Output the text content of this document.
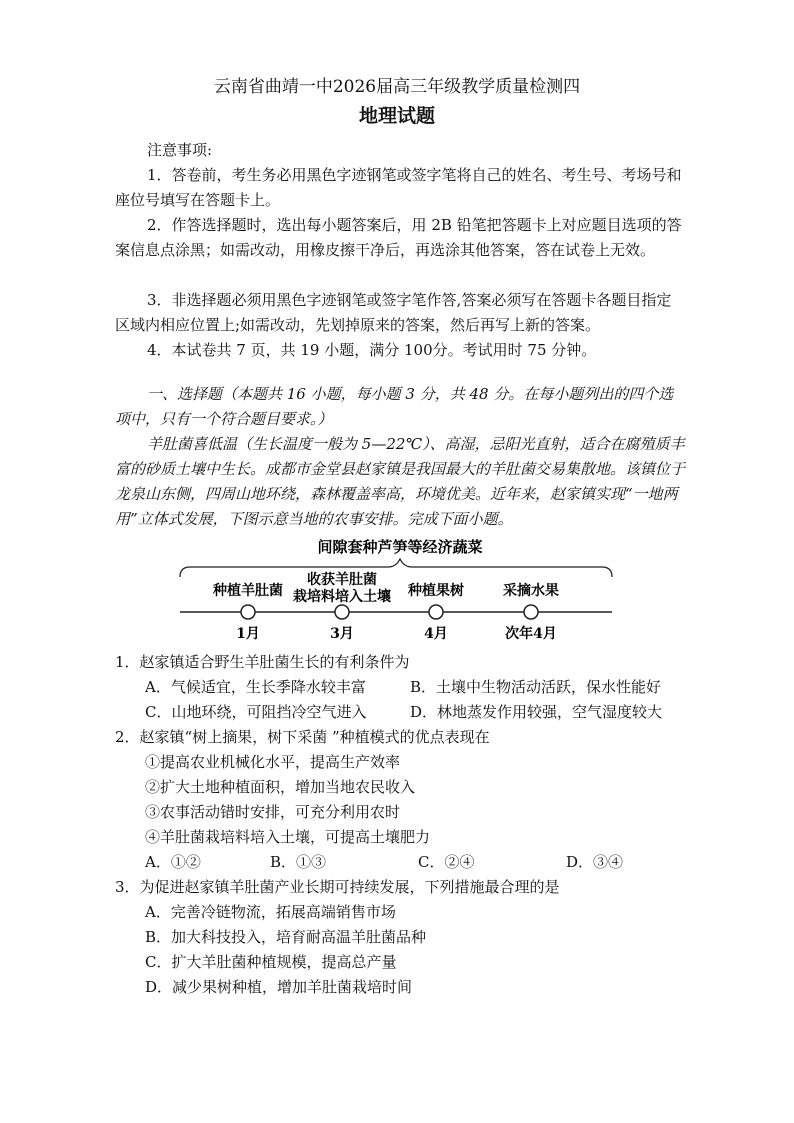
云南省曲靖一中2026届高三年级教学质量检测四
地理试题
注意事项:
1．答卷前，考生务必用黑色字迹钢笔或签字笔将自己的姓名、考生号、考场号和座位号填写在答题卡上。
2．作答选择题时，选出每小题答案后，用 2B 铅笔把答题卡上对应题目选项的答案信息点涂黑；如需改动，用橡皮擦干净后，再选涂其他答案，答在试卷上无效。
3．非选择题必须用黑色字迹钢笔或签字笔作答,答案必须写在答题卡各题目指定区域内相应位置上;如需改动，先划掉原来的答案，然后再写上新的答案。
4．本试卷共 7 页，共 19 小题，满分 100分。考试用时 75 分钟。
一、选择题（本题共 16 小题，每小题 3 分，共 48 分。在每小题列出的四个选项中，只有一个符合题目要求。）
羊肚菌喜低温（生长温度一般为 5—22℃）、高湿，忌阳光直射，适合在腐殖质丰富的砂质土壤中生长。成都市金堂县赵家镇是我国最大的羊肚菌交易集散地。该镇位于龙泉山东侧，四周山地环绕，森林覆盖率高，环境优美。近年来，赵家镇实现“一地两用”立体式发展，下图示意当地的农事安排。完成下面小题。
间隙套种芦笋等经济蔬菜
种植羊肚菌
1月
收获羊肚菌
栽培料培入土壤
3月
种植果树
4月
采摘水果
次年4月
1．赵家镇适合野生羊肚菌生长的有利条件为
A．气候适宜，生长季降水较丰富	B．土壤中生物活动活跃，保水性能好
C．山地环绕，可阻挡冷空气进入	D．林地蒸发作用较强，空气湿度较大
2．赵家镇“树上摘果，树下采菌 ”种植模式的优点表现在
①提高农业机械化水平，提高生产效率
②扩大土地种植面积，增加当地农民收入
③农事活动错时安排，可充分利用农时
④羊肚菌栽培料培入土壤，可提高土壤肥力
A．①②	B．①③	C．②④	D．③④
3．为促进赵家镇羊肚菌产业长期可持续发展，下列措施最合理的是
A．完善冷链物流，拓展高端销售市场
B．加大科技投入，培育耐高温羊肚菌品种
C．扩大羊肚菌种植规模，提高总产量
D．减少果树种植，增加羊肚菌栽培时间
